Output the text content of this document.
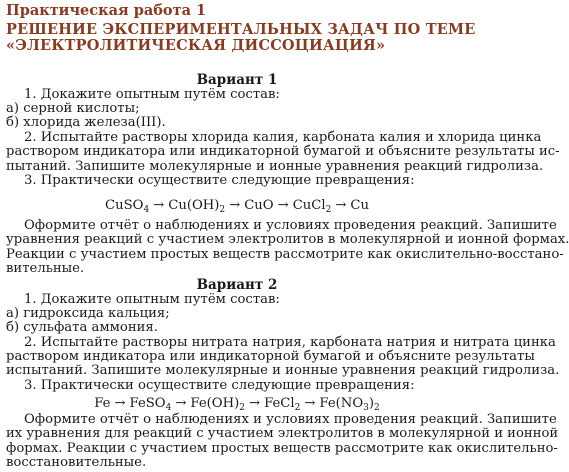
Практическая работа 1
РЕШЕНИЕ ЭКСПЕРИМЕНТАЛЬНЫХ ЗАДАЧ ПО ТЕМЕ
«ЭЛЕКТРОЛИТИЧЕСКАЯ ДИССОЦИАЦИЯ»
Вариант 1
1. Докажите опытным путём состав:
а) серной кислоты;
б) хлорида железа(III).
2. Испытайте растворы хлорида калия, карбоната калия и хлорида цинка
раствором индикатора или индикаторной бумагой и объясните результаты ис-
пытаний. Запишите молекулярные и ионные уравнения реакций гидролиза.
3. Практически осуществите следующие превращения:
CuSO$_4$ → $Cu(OH)_2$ → CuO → CuCl$_2$ → Cu
Оформите отчёт о наблюдениях и условиях проведения реакций. Запишите
уравнения реакций с участием электролитов в молекулярной и ионной формах.
Реакции с участием простых веществ рассмотрите как окислительно-восстано-
вительные.
Вариант 2
1. Докажите опытным путём состав:
а) гидроксида кальция;
б) сульфата аммония.
2. Испытайте растворы нитрата натрия, карбоната натрия и нитрата цинка
раствором индикатора или индикаторной бумагой и объясните результаты
испытаний. Запишите молекулярные и ионные уравнения реакций гидролиза.
3. Практически осуществите следующие превращения:
Fe → FeSO$_4$ → $Fe(OH)_2$ → FeCl$_2$ → $Fe(NO_3)_2$
Оформите отчёт о наблюдениях и условиях проведения реакций. Запишите
их уравнения для реакций с участием электролитов в молекулярной и ионной
формах. Реакции с участием простых веществ рассмотрите как окислительно-
восстановительные.
